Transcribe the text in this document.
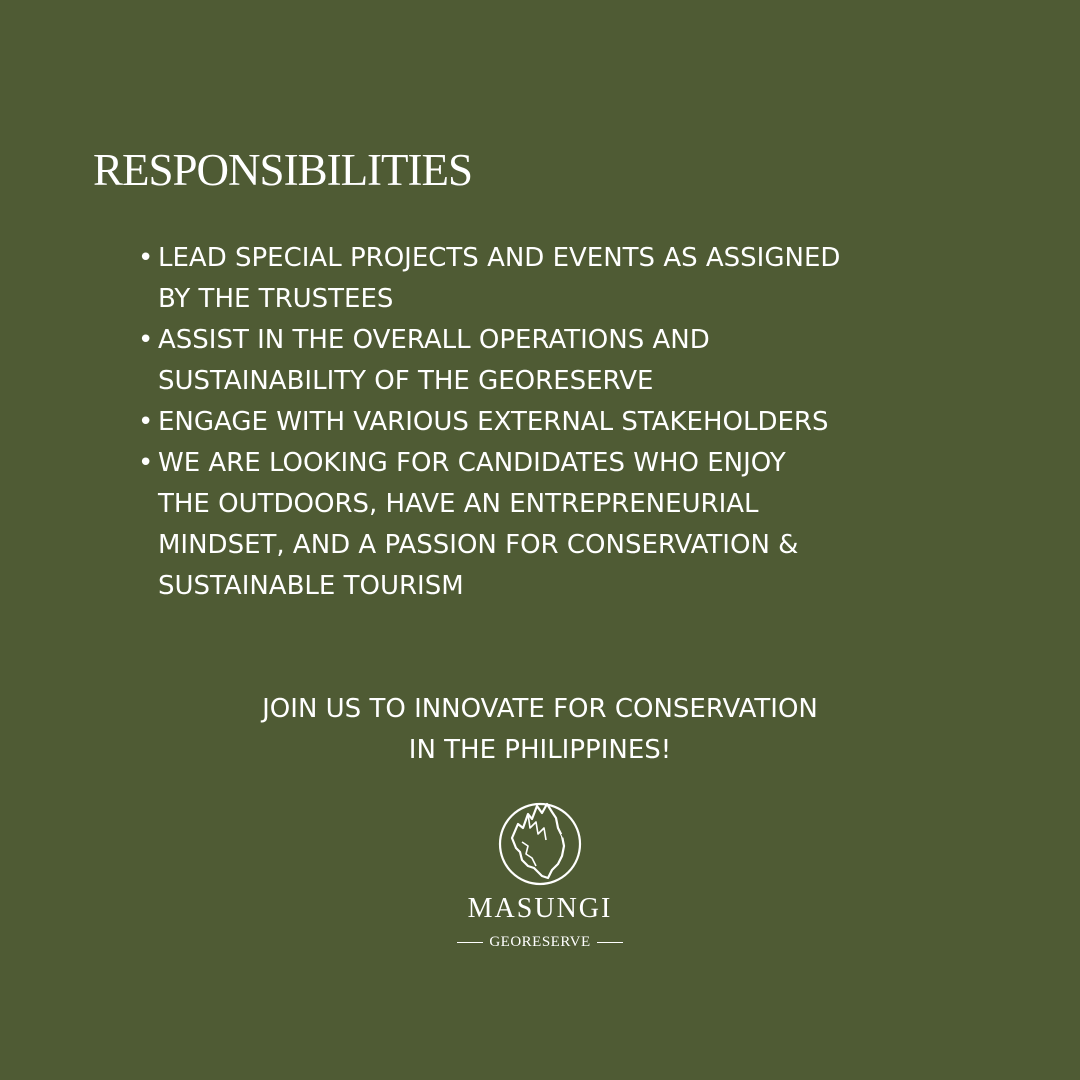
RESPONSIBILITIES
• LEAD SPECIAL PROJECTS AND EVENTS AS ASSIGNED
BY THE TRUSTEES
• ASSIST IN THE OVERALL OPERATIONS AND
SUSTAINABILITY OF THE GEORESERVE
• ENGAGE WITH VARIOUS EXTERNAL STAKEHOLDERS
• WE ARE LOOKING FOR CANDIDATES WHO ENJOY
THE OUTDOORS, HAVE AN ENTREPRENEURIAL
MINDSET, AND A PASSION FOR CONSERVATION &
SUSTAINABLE TOURISM
JOIN US TO INNOVATE FOR CONSERVATION
IN THE PHILIPPINES!
MASUNGI
GEORESERVE
